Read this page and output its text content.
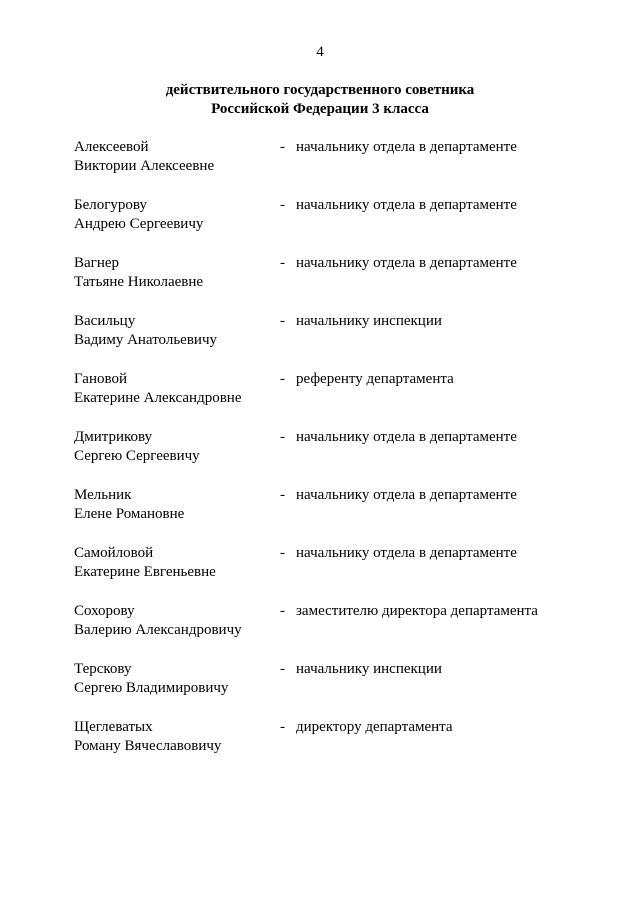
4
действительного государственного советника
Российской Федерации 3 класса
Алексеевой
Виктории Алексеевне
- начальнику отдела в департаменте
Белогурову
Андрею Сергеевичу
- начальнику отдела в департаменте
Вагнер
Татьяне Николаевне
- начальнику отдела в департаменте
Васильцу
Вадиму Анатольевичу
- начальнику инспекции
Гановой
Екатерине Александровне
- референту департамента
Дмитрикову
Сергею Сергеевичу
- начальнику отдела в департаменте
Мельник
Елене Романовне
- начальнику отдела в департаменте
Самойловой
Екатерине Евгеньевне
- начальнику отдела в департаменте
Сохорову
Валерию Александровичу
- заместителю директора департамента
Терскову
Сергею Владимировичу
- начальнику инспекции
Щеглеватых
Роману Вячеславовичу
- директору департамента
